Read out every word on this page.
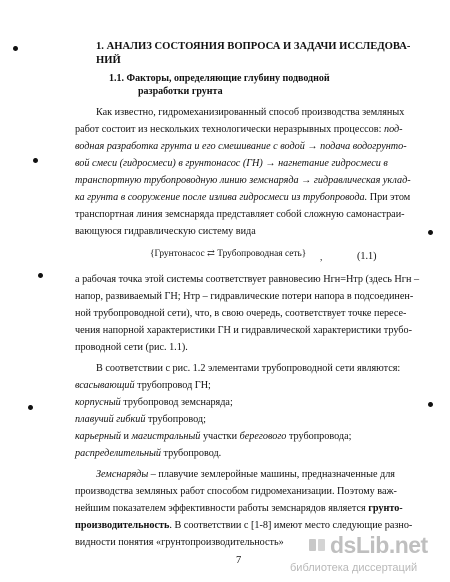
1. АНАЛИЗ СОСТОЯНИЯ ВОПРОСА И ЗАДАЧИ ИССЛЕДОВА-
НИЙ
1.1. Факторы, определяющие глубину подводной
разработки грунта
Как известно, гидромеханизированный способ производства земляных
работ состоит из нескольких технологически неразрывных процессов: под-
водная разработка грунта и его смешивание с водой → подача водогрунто-
вой смеси (гидросмеси) в грунтонасос (ГН) → нагнетание гидросмеси в
транспортную трубопроводную линию земснаряда → гидравлическая уклад-
ка грунта в сооружение после излива гидросмеси из трубопровода. При этом
транспортная линия земснаряда представляет собой сложную самонастраи-
вающуюся гидравлическую систему вида
{Грунтонасос ⇄ Трубопроводная сеть} ,	(1.1)
а рабочая точка этой системы соответствует равновесию Hгн=Hтр (здесь Hгн –
напор, развиваемый ГН; Hтр – гидравлические потери напора в подсоединен-
ной трубопроводной сети), что, в свою очередь, соответствует точке пересе-
чения напорной характеристики ГН и гидравлической характеристики трубо-
проводной сети (рис. 1.1).
В соответствии с рис. 1.2 элементами трубопроводной сети являются:
всасывающий трубопровод ГН;
корпусный трубопровод земснаряда;
плавучий гибкий трубопровод;
карьерный и магистральный участки берегового трубопровода;
распределительный трубопровод.
Земснаряды – плавучие землеройные машины, предназначенные для
производства земляных работ способом гидромеханизации. Поэтому важ-
нейшим показателем эффективности работы земснарядов является грунто-
производительность. В соответствии с [1-8] имеют место следующие разно-
видности понятия «грунтопроизводительность»
7
dsLib.net
библиотека диссертаций
